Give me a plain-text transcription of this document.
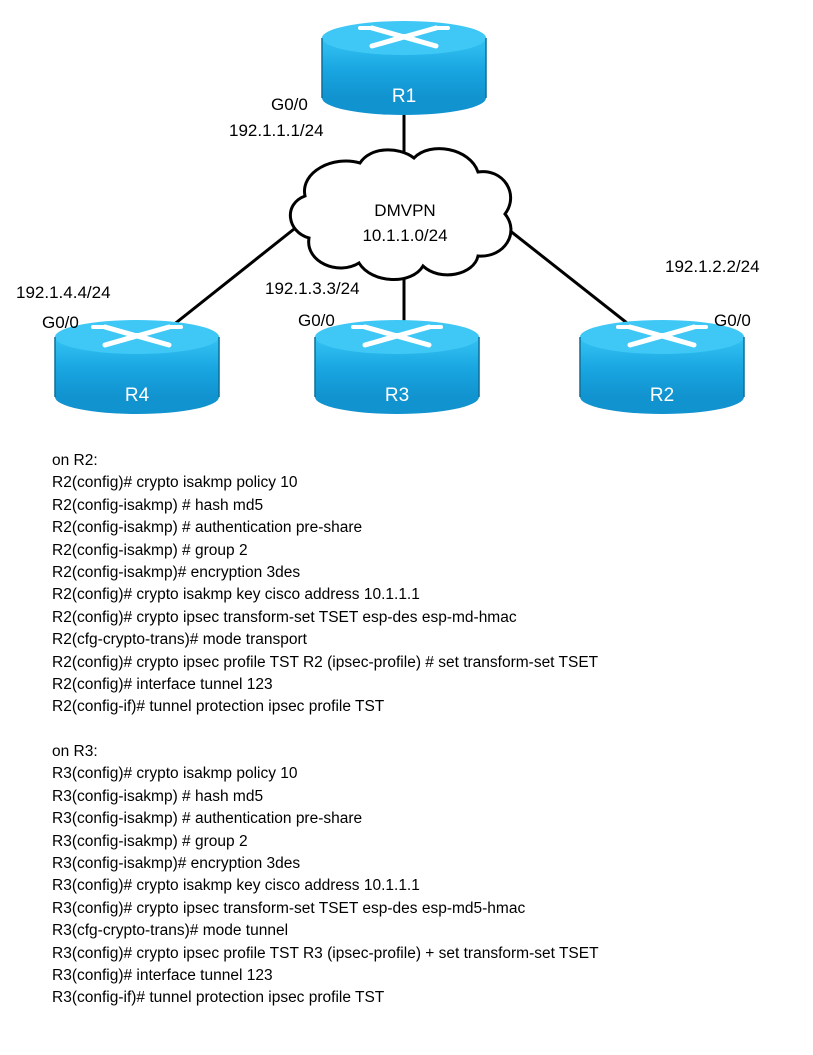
R1
R4	R3	R2
DMVPN
10.1.1.0/24
G0/0
192.1.1.1/24
192.1.4.4/24
G0/0
192.1.3.3/24
G0/0
192.1.2.2/24
G0/0
on R2:
R2(config)# crypto isakmp policy 10
R2(config-isakmp) # hash md5
R2(config-isakmp) # authentication pre-share
R2(config-isakmp) # group 2
R2(config-isakmp)# encryption 3des
R2(config)# crypto isakmp key cisco address 10.1.1.1
R2(config)# crypto ipsec transform-set TSET esp-des esp-md-hmac
R2(cfg-crypto-trans)# mode transport
R2(config)# crypto ipsec profile TST R2 (ipsec-profile) # set transform-set TSET
R2(config)# interface tunnel 123
R2(config-if)# tunnel protection ipsec profile TST
on R3:
R3(config)# crypto isakmp policy 10
R3(config-isakmp) # hash md5
R3(config-isakmp) # authentication pre-share
R3(config-isakmp) # group 2
R3(config-isakmp)# encryption 3des
R3(config)# crypto isakmp key cisco address 10.1.1.1
R3(config)# crypto ipsec transform-set TSET esp-des esp-md5-hmac
R3(cfg-crypto-trans)# mode tunnel
R3(config)# crypto ipsec profile TST R3 (ipsec-profile) + set transform-set TSET
R3(config)# interface tunnel 123
R3(config-if)# tunnel protection ipsec profile TST
